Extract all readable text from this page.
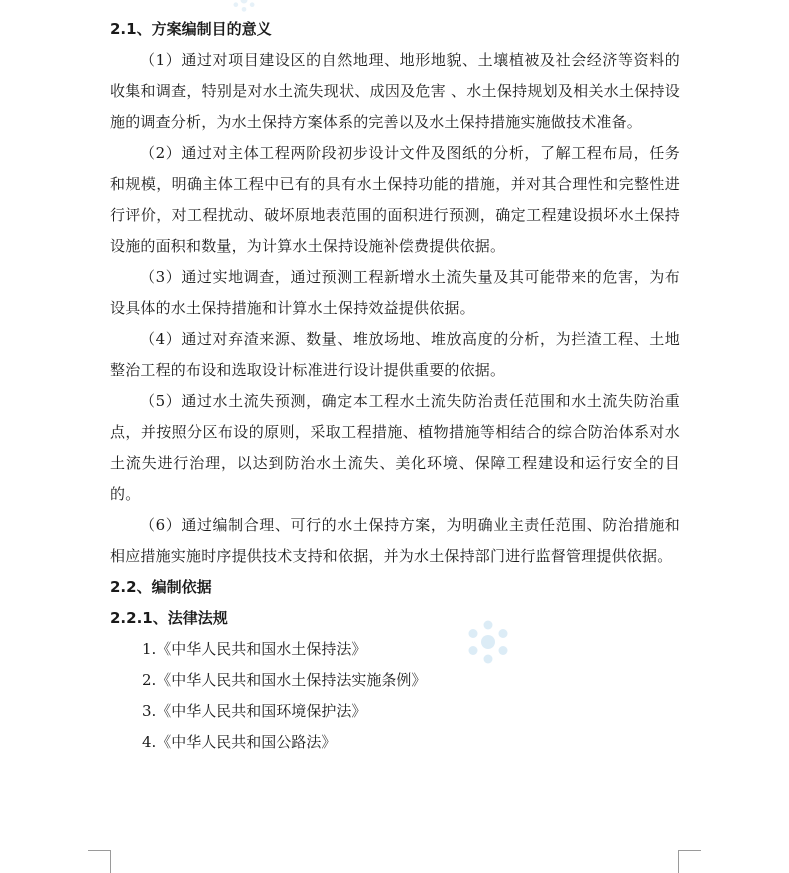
2.1、方案编制目的意义

（1）通过对项目建设区的自然地理、地形地貌、土壤植被及社会经济等资料的收集和调查，特别是对水土流失现状、成因及危害 、水土保持规划及相关水土保持设施的调查分析，为水土保持方案体系的完善以及水土保持措施实施做技术准备。

（2）通过对主体工程两阶段初步设计文件及图纸的分析，了解工程布局，任务和规模，明确主体工程中已有的具有水土保持功能的措施，并对其合理性和完整性进行评价，对工程扰动、破坏原地表范围的面积进行预测，确定工程建设损坏水土保持设施的面积和数量，为计算水土保持设施补偿费提供依据。

（3）通过实地调查，通过预测工程新增水土流失量及其可能带来的危害，为布设具体的水土保持措施和计算水土保持效益提供依据。

（4）通过对弃渣来源、数量、堆放场地、堆放高度的分析，为拦渣工程、土地整治工程的布设和选取设计标准进行设计提供重要的依据。

（5）通过水土流失预测，确定本工程水土流失防治责任范围和水土流失防治重点，并按照分区布设的原则，采取工程措施、植物措施等相结合的综合防治体系对水土流失进行治理，以达到防治水土流失、美化环境、保障工程建设和运行安全的目的。

（6）通过编制合理、可行的水土保持方案，为明确业主责任范围、防治措施和相应措施实施时序提供技术支持和依据，并为水土保持部门进行监督管理提供依据。

2.2、编制依据

2.2.1、法律法规

1.《中华人民共和国水土保持法》

2.《中华人民共和国水土保持法实施条例》

3.《中华人民共和国环境保护法》

4.《中华人民共和国公路法》
